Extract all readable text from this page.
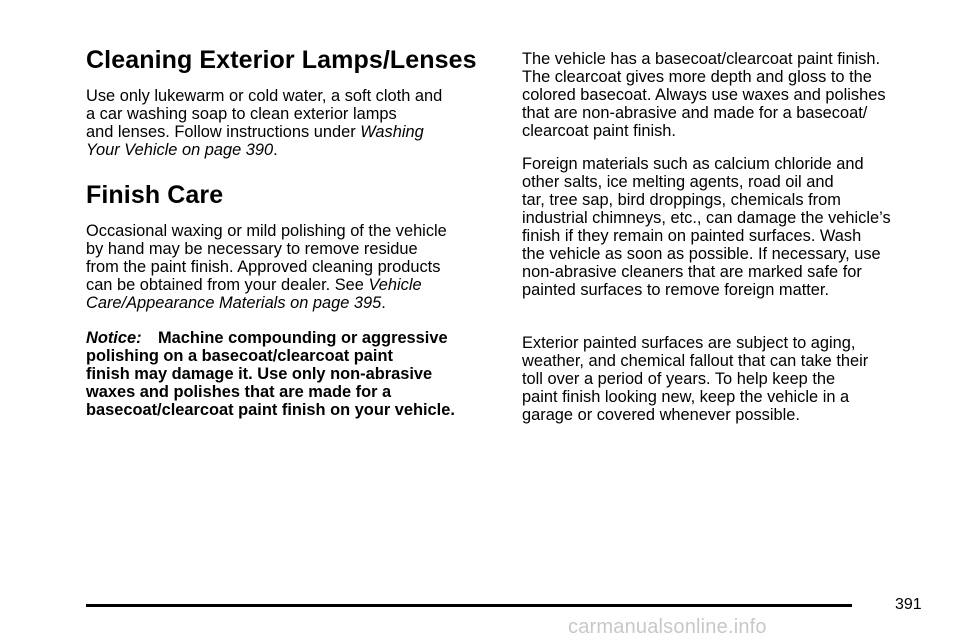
Cleaning Exterior Lamps/Lenses

Use only lukewarm or cold water, a soft cloth and
a car washing soap to clean exterior lamps
and lenses. Follow instructions under Washing
Your Vehicle on page 390.

Finish Care

Occasional waxing or mild polishing of the vehicle
by hand may be necessary to remove residue
from the paint finish. Approved cleaning products
can be obtained from your dealer. See Vehicle
Care/Appearance Materials on page 395.

Notice:  Machine compounding or aggressive
polishing on a basecoat/clearcoat paint
finish may damage it. Use only non-abrasive
waxes and polishes that are made for a
basecoat/clearcoat paint finish on your vehicle.

The vehicle has a basecoat/clearcoat paint finish.
The clearcoat gives more depth and gloss to the
colored basecoat. Always use waxes and polishes
that are non-abrasive and made for a basecoat/
clearcoat paint finish.

Foreign materials such as calcium chloride and
other salts, ice melting agents, road oil and
tar, tree sap, bird droppings, chemicals from
industrial chimneys, etc., can damage the vehicle’s
finish if they remain on painted surfaces. Wash
the vehicle as soon as possible. If necessary, use
non-abrasive cleaners that are marked safe for
painted surfaces to remove foreign matter.

Exterior painted surfaces are subject to aging,
weather, and chemical fallout that can take their
toll over a period of years. To help keep the
paint finish looking new, keep the vehicle in a
garage or covered whenever possible.

391
carmanualsonline.info
